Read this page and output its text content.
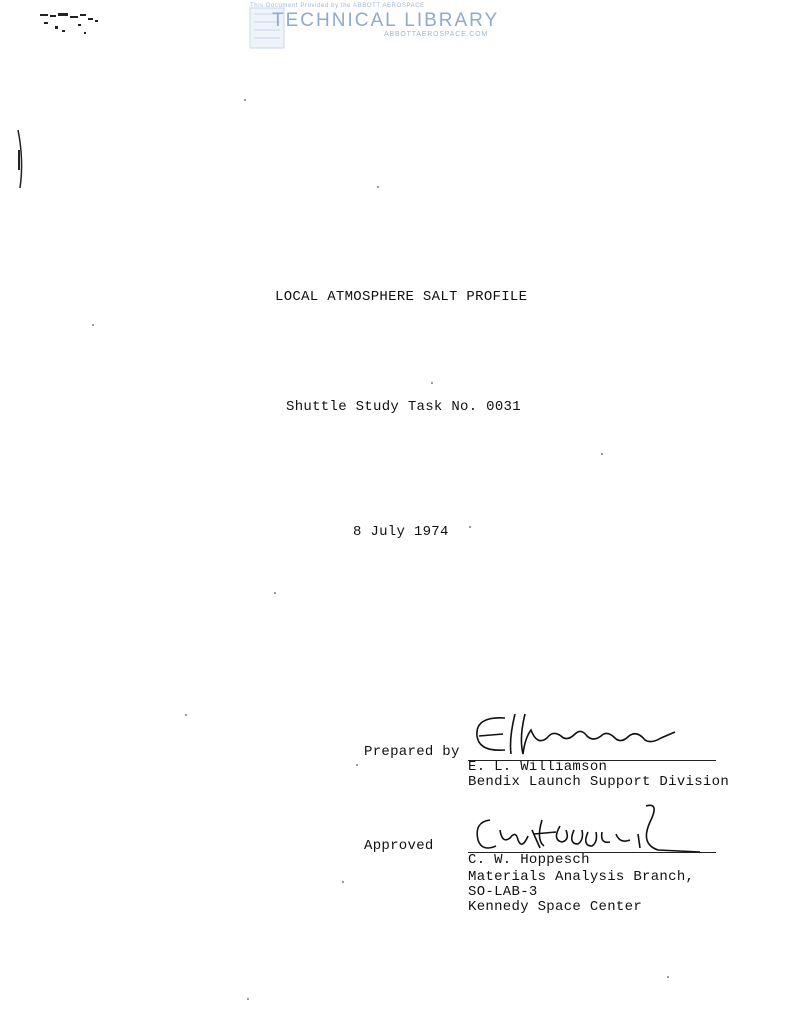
This Document Provided by the ABBOTT AEROSPACE
TECHNICAL LIBRARY
ABBOTTAEROSPACE.COM
LOCAL ATMOSPHERE SALT PROFILE
Shuttle Study Task No. 0031
8 July 1974
Prepared by
E. L. Williamson
Bendix Launch Support Division
Approved
C. W. Hoppesch
Materials Analysis Branch,
SO-LAB-3
Kennedy Space Center
